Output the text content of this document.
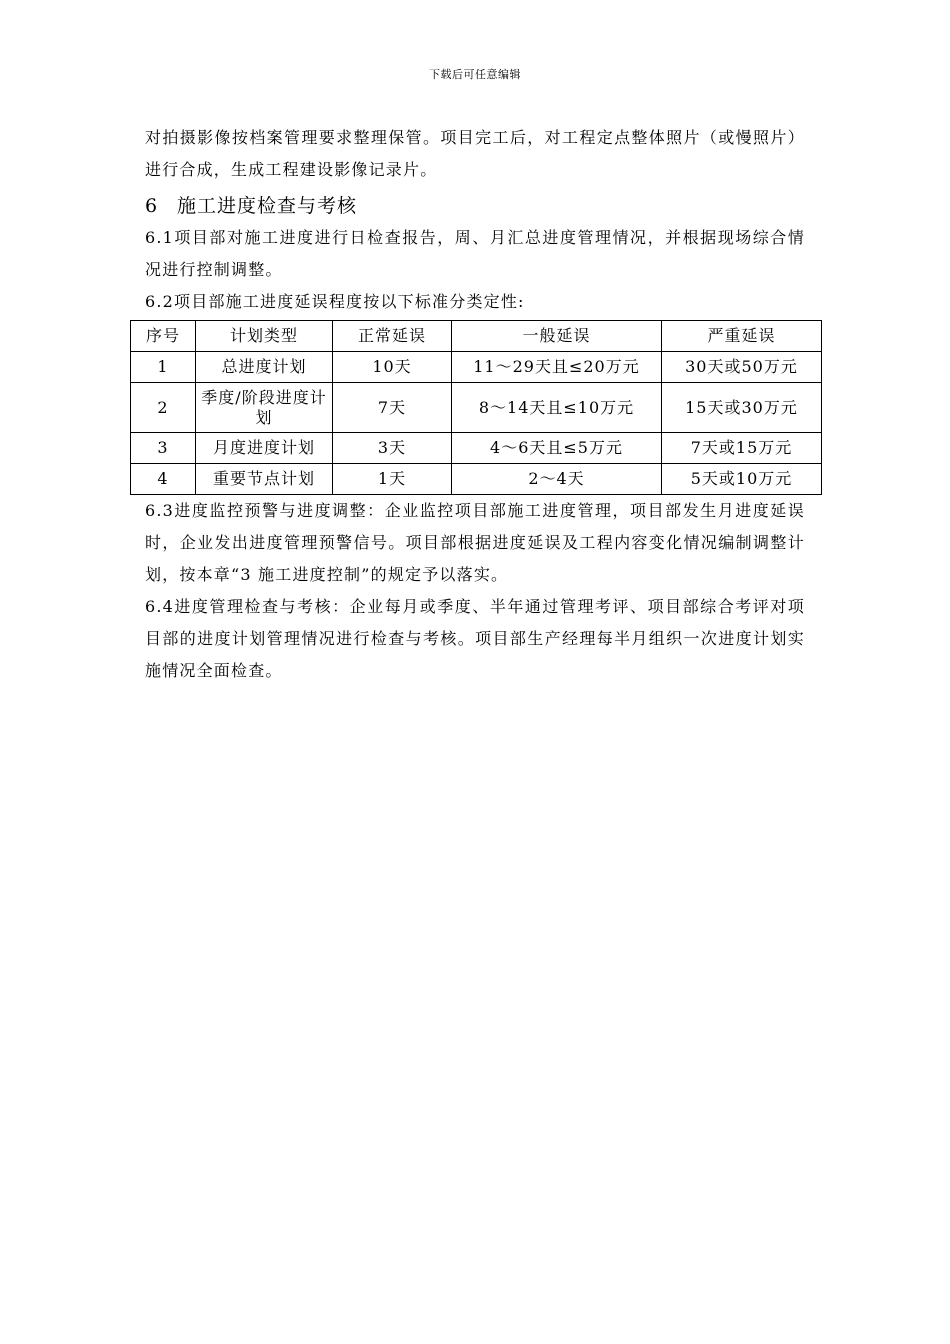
下载后可任意编辑

对拍摄影像按档案管理要求整理保管。项目完工后，对工程定点整体照片（或慢照片）进行合成，生成工程建设影像记录片。

6 施工进度检查与考核

6.1项目部对施工进度进行日检查报告，周、月汇总进度管理情况，并根据现场综合情况进行控制调整。

6.2项目部施工进度延误程度按以下标准分类定性:

序号	计划类型	正常延误	一般延误	严重延误
1	总进度计划	10天	11～29天且≤20万元	30天或50万元
2	季度/阶段进度计划	7天	8～14天且≤10万元	15天或30万元
3	月度进度计划	3天	4～6天且≤5万元	7天或15万元
4	重要节点计划	1天	2～4天	5天或10万元

6.3进度监控预警与进度调整：企业监控项目部施工进度管理，项目部发生月进度延误时，企业发出进度管理预警信号。项目部根据进度延误及工程内容变化情况编制调整计划，按本章“3 施工进度控制”的规定予以落实。

6.4进度管理检查与考核：企业每月或季度、半年通过管理考评、项目部综合考评对项目部的进度计划管理情况进行检查与考核。项目部生产经理每半月组织一次进度计划实施情况全面检查。
